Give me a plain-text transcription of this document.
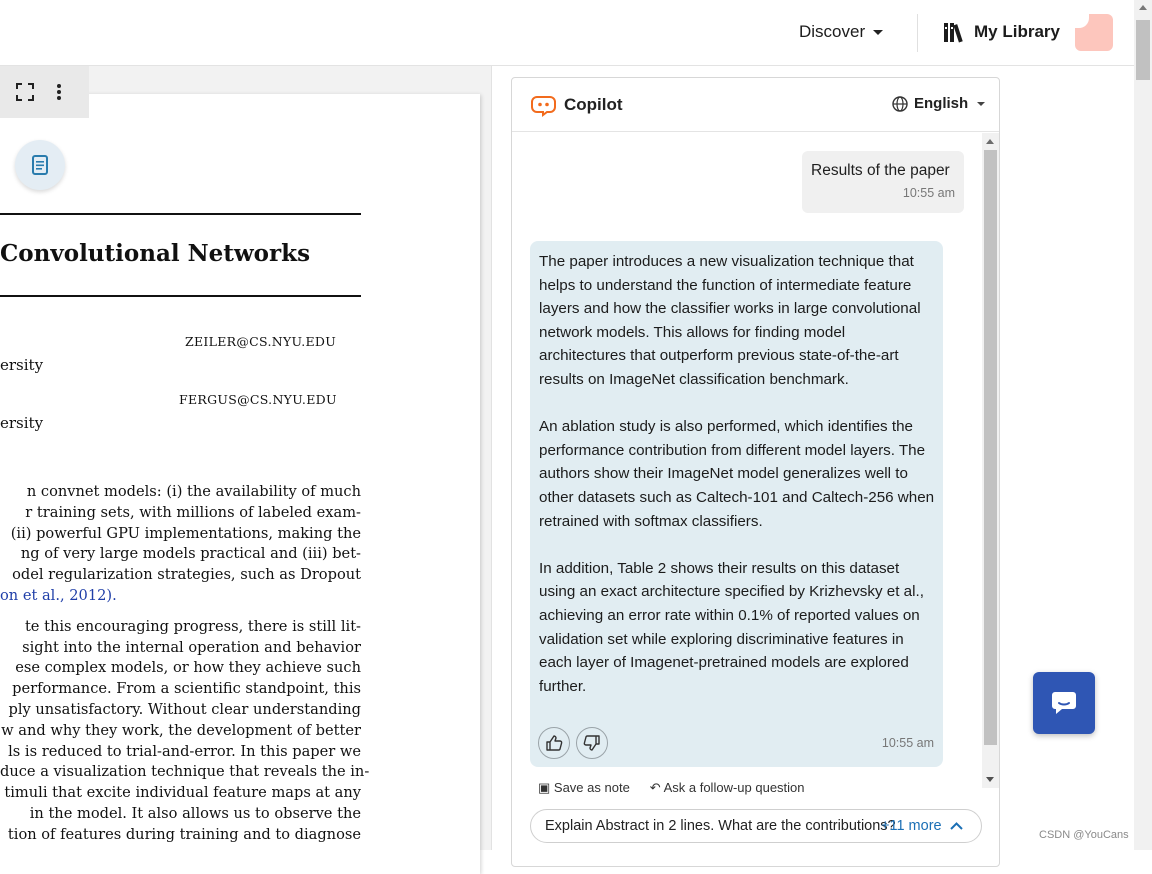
Discover	My Library
Convolutional Networks
ZEILER@CS.NYU.EDU
ersity
FERGUS@CS.NYU.EDU
ersity
n convnet models: (i) the availability of much
r training sets, with millions of labeled exam-
(ii) powerful GPU implementations, making the
ng of very large models practical and (iii) bet-
odel regularization strategies, such as Dropout
on et al., 2012).
te this encouraging progress, there is still lit-
sight into the internal operation and behavior
ese complex models, or how they achieve such
performance. From a scientific standpoint, this
ply unsatisfactory. Without clear understanding
w and why they work, the development of better
ls is reduced to trial-and-error. In this paper we
duce a visualization technique that reveals the in-
timuli that excite individual feature maps at any
in the model. It also allows us to observe the
tion of features during training and to diagnose
Copilot	English
Results of the paper
10:55 am
The paper introduces a new visualization technique that helps to understand the function of intermediate feature layers and how the classifier works in large convolutional network models. This allows for finding model architectures that outperform previous state-of-the-art results on ImageNet classification benchmark.
An ablation study is also performed, which identifies the performance contribution from different model layers. The authors show their ImageNet model generalizes well to other datasets such as Caltech-101 and Caltech-256 when retrained with softmax classifiers.
In addition, Table 2 shows their results on this dataset using an exact architecture specified by Krizhevsky et al., achieving an error rate within 0.1% of reported values on validation set while exploring discriminative features in each layer of Imagenet-pretrained models are explored further.
10:55 am
▣ Save as note ↶ Ask a follow-up question
Explain Abstract in 2 lines. What are the contributions?
+11 more
CSDN @YouCans
